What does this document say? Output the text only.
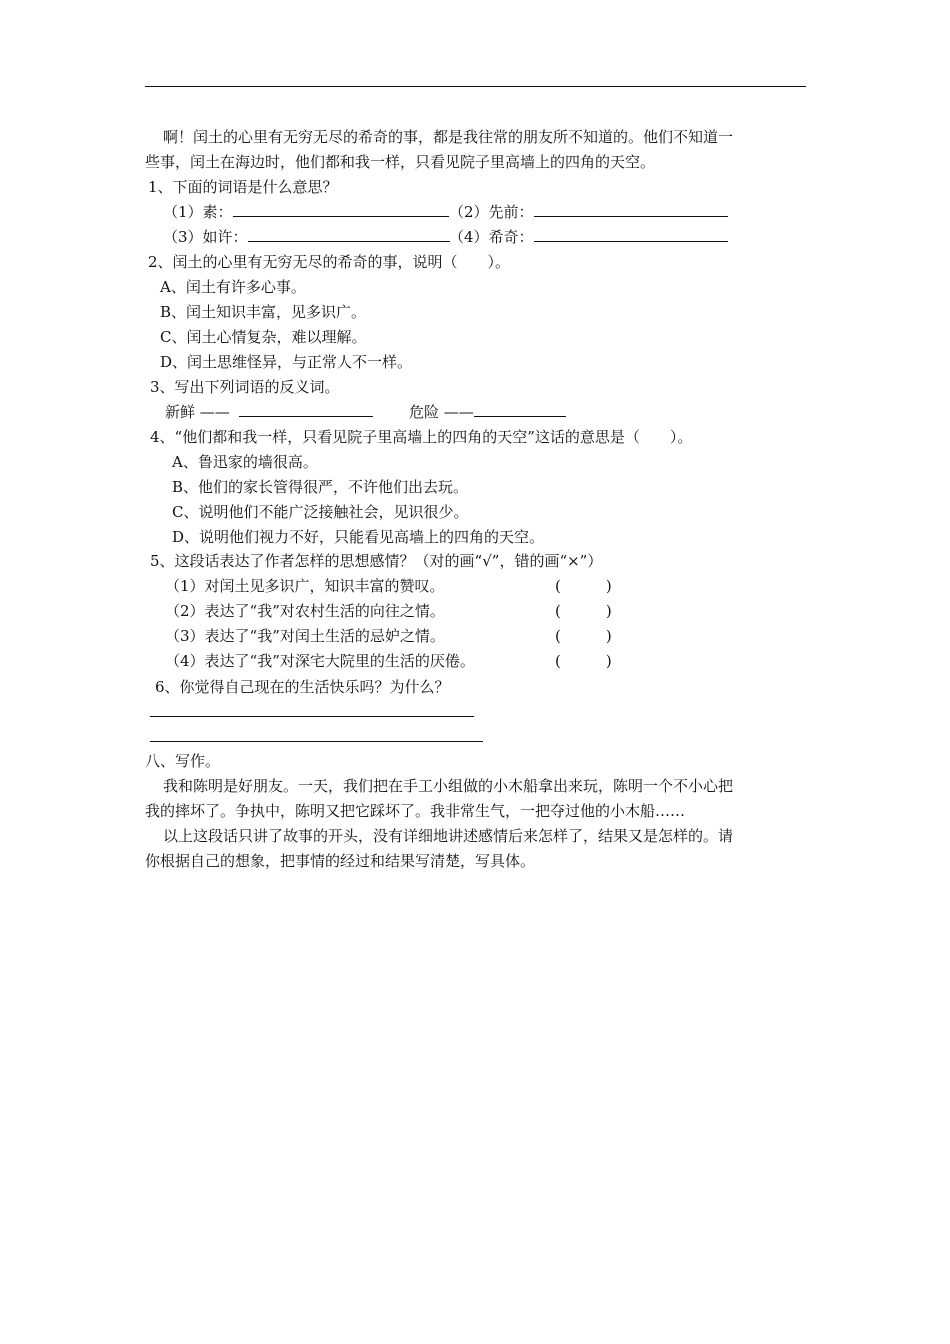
啊！闰土的心里有无穷无尽的希奇的事，都是我往常的朋友所不知道的。他们不知道一
些事，闰土在海边时，他们都和我一样，只看见院子里高墙上的四角的天空。
1、下面的词语是什么意思？
（1）素：	（2）先前：
（3）如许：	（4）希奇：
2、闰土的心里有无穷无尽的希奇的事，说明（　　）。
A、闰土有许多心事。
B、闰土知识丰富，见多识广。
C、闰土心情复杂，难以理解。
D、闰土思维怪异，与正常人不一样。
3、写出下列词语的反义词。
新鲜 ——	危险 ——
4、“他们都和我一样，只看见院子里高墙上的四角的天空”这话的意思是（　　）。
A、鲁迅家的墙很高。
B、他们的家长管得很严，不许他们出去玩。
C、说明他们不能广泛接触社会，见识很少。
D、说明他们视力不好，只能看见高墙上的四角的天空。
5、这段话表达了作者怎样的思想感情？（对的画“√”，错的画“×”）
（1）对闰土见多识广，知识丰富的赞叹。	(　　　)
（2）表达了“我”对农村生活的向往之情。	(　　　)
（3）表达了“我”对闰土生活的忌妒之情。	(　　　)
（4）表达了“我”对深宅大院里的生活的厌倦。	(　　　)
6、你觉得自己现在的生活快乐吗？为什么？
八、写作。
我和陈明是好朋友。一天，我们把在手工小组做的小木船拿出来玩，陈明一个不小心把
我的摔坏了。争执中，陈明又把它踩坏了。我非常生气，一把夺过他的小木船……
以上这段话只讲了故事的开头，没有详细地讲述感情后来怎样了，结果又是怎样的。请
你根据自己的想象，把事情的经过和结果写清楚，写具体。
